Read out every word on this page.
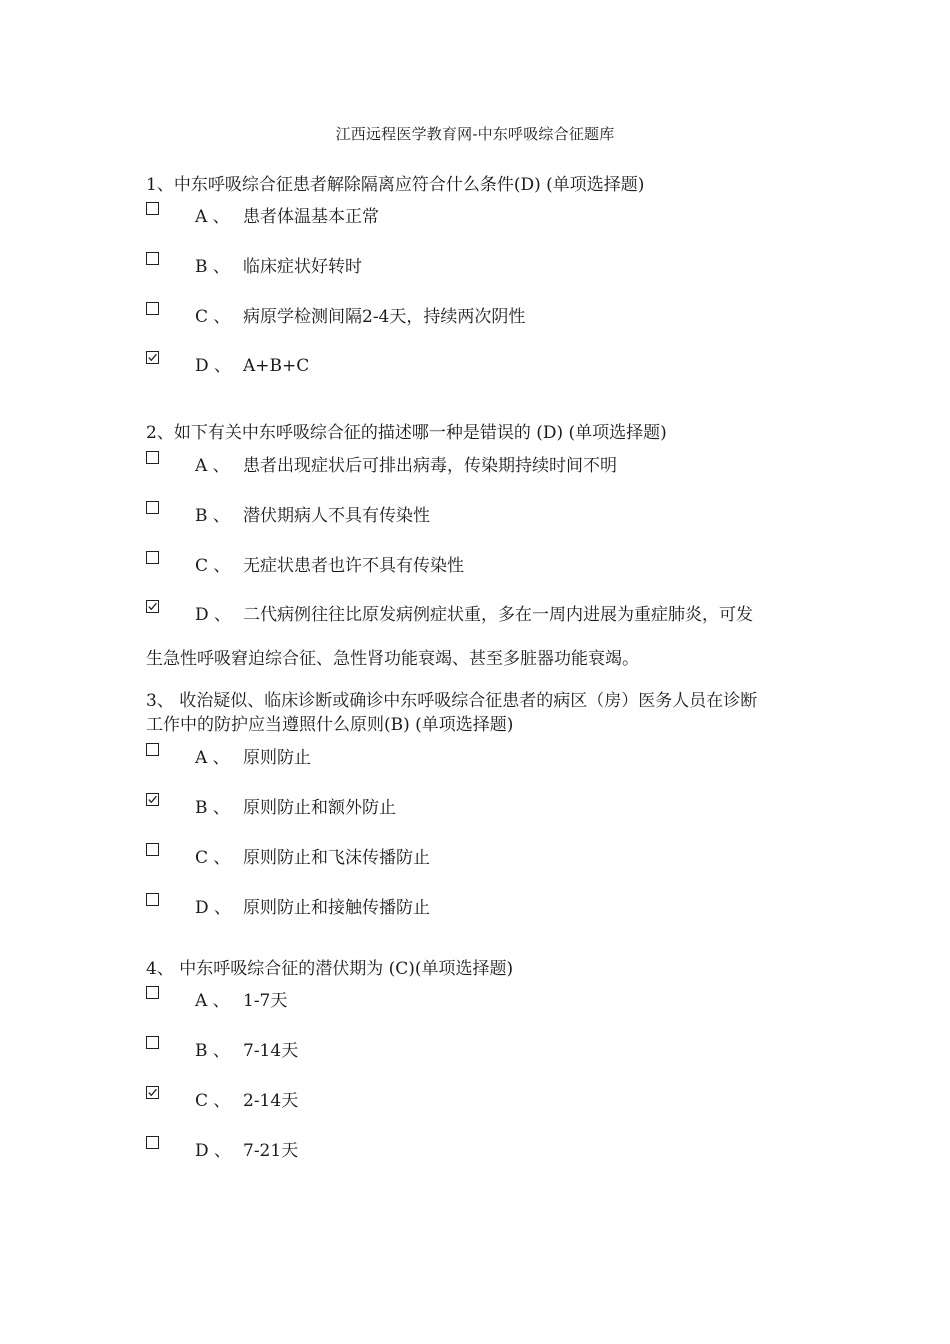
江西远程医学教育网-中东呼吸综合征题库
1、中东呼吸综合征患者解除隔离应符合什么条件(D) (单项选择题)
A 、 患者体温基本正常
B 、 临床症状好转时
C 、 病原学检测间隔2-4天，持续两次阴性
D 、 A+B+C
2、如下有关中东呼吸综合征的描述哪一种是错误的 (D) (单项选择题)
A 、 患者出现症状后可排出病毒，传染期持续时间不明
B 、 潜伏期病人不具有传染性
C 、 无症状患者也许不具有传染性
D 、 二代病例往往比原发病例症状重，多在一周内进展为重症肺炎，可发
生急性呼吸窘迫综合征、急性肾功能衰竭、甚至多脏器功能衰竭。
3、 收治疑似、临床诊断或确诊中东呼吸综合征患者的病区（房）医务人员在诊断
工作中的防护应当遵照什么原则(B) (单项选择题)
A 、 原则防止
B 、 原则防止和额外防止
C 、 原则防止和飞沫传播防止
D 、 原则防止和接触传播防止
4、 中东呼吸综合征的潜伏期为 (C)(单项选择题)
A 、 1-7天
B 、 7-14天
C 、 2-14天
D 、 7-21天
